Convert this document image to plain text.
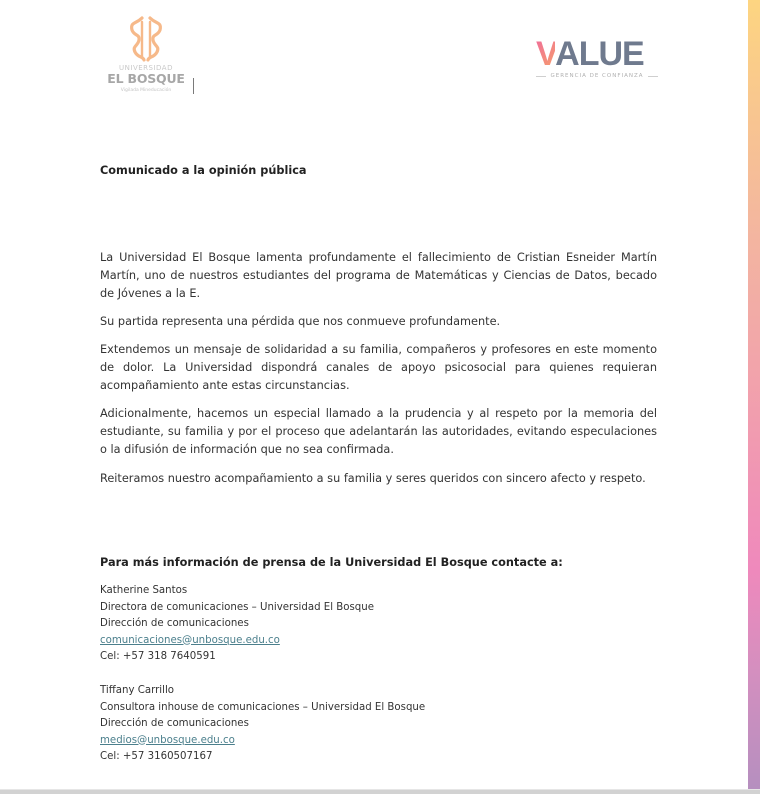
UNIVERSIDAD
EL BOSQUE
Vigilada Mineducación
VALUE
GERENCIA DE CONFIANZA
Comunicado a la opinión pública

La Universidad El Bosque lamenta profundamente el fallecimiento de Cristian Esneider Martín Martín, uno de nuestros estudiantes del programa de Matemáticas y Ciencias de Datos, becado de Jóvenes a la E.

Su partida representa una pérdida que nos conmueve profundamente.

Extendemos un mensaje de solidaridad a su familia, compañeros y profesores en este momento de dolor. La Universidad dispondrá canales de apoyo psicosocial para quienes requieran acompañamiento ante estas circunstancias.

Adicionalmente, hacemos un especial llamado a la prudencia y al respeto por la memoria del estudiante, su familia y por el proceso que adelantarán las autoridades, evitando especulaciones o la difusión de información que no sea confirmada.

Reiteramos nuestro acompañamiento a su familia y seres queridos con sincero afecto y respeto.

Para más información de prensa de la Universidad El Bosque contacte a:
Katherine Santos
Directora de comunicaciones – Universidad El Bosque
Dirección de comunicaciones
comunicaciones@unbosque.edu.co
Cel: +57 318 7640591
Tiffany Carrillo
Consultora inhouse de comunicaciones – Universidad El Bosque
Dirección de comunicaciones
medios@unbosque.edu.co
Cel: +57 3160507167
